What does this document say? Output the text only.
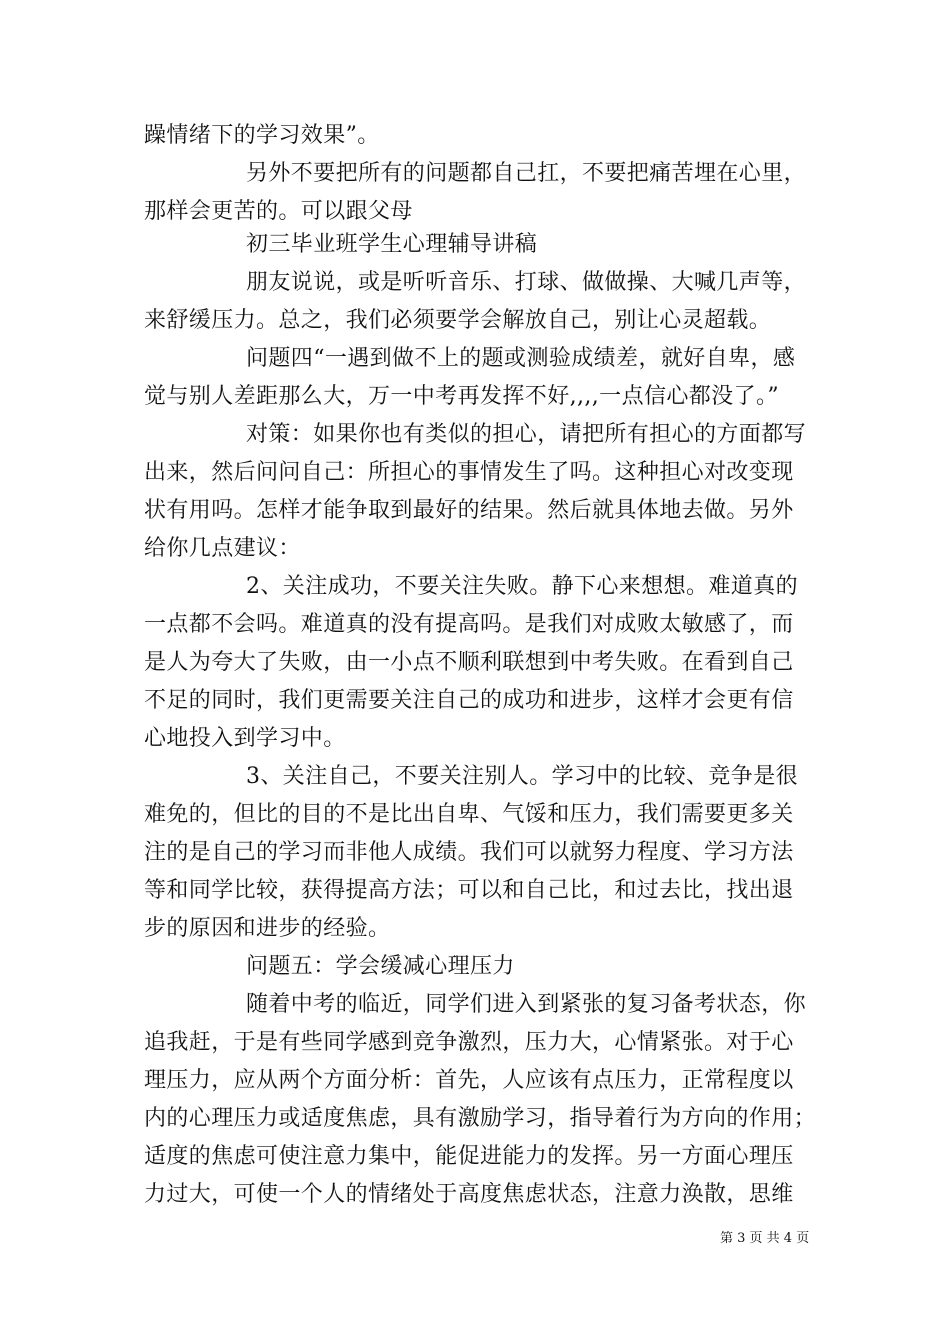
躁情绪下的学习效果”。
另外不要把所有的问题都自己扛，不要把痛苦埋在心里，
那样会更苦的。可以跟父母
初三毕业班学生心理辅导讲稿
朋友说说，或是听听音乐、打球、做做操、大喊几声等，
来舒缓压力。总之，我们必须要学会解放自己，别让心灵超载。
问题四“一遇到做不上的题或测验成绩差，就好自卑，感
觉与别人差距那么大，万一中考再发挥不好,,,,一点信心都没了。”
对策：如果你也有类似的担心，请把所有担心的方面都写
出来，然后问问自己：所担心的事情发生了吗。这种担心对改变现
状有用吗。怎样才能争取到最好的结果。然后就具体地去做。另外
给你几点建议：
2、关注成功，不要关注失败。静下心来想想。难道真的
一点都不会吗。难道真的没有提高吗。是我们对成败太敏感了，而
是人为夸大了失败，由一小点不顺利联想到中考失败。在看到自己
不足的同时，我们更需要关注自己的成功和进步，这样才会更有信
心地投入到学习中。
3、关注自己，不要关注别人。学习中的比较、竞争是很
难免的，但比的目的不是比出自卑、气馁和压力，我们需要更多关
注的是自己的学习而非他人成绩。我们可以就努力程度、学习方法
等和同学比较，获得提高方法；可以和自己比，和过去比，找出退
步的原因和进步的经验。
问题五：学会缓减心理压力
随着中考的临近，同学们进入到紧张的复习备考状态，你
追我赶，于是有些同学感到竞争激烈，压力大，心情紧张。对于心
理压力，应从两个方面分析：首先，人应该有点压力，正常程度以
内的心理压力或适度焦虑，具有激励学习，指导着行为方向的作用；
适度的焦虑可使注意力集中，能促进能力的发挥。另一方面心理压
力过大，可使一个人的情绪处于高度焦虑状态，注意力涣散，思维
第 3 页 共 4 页
